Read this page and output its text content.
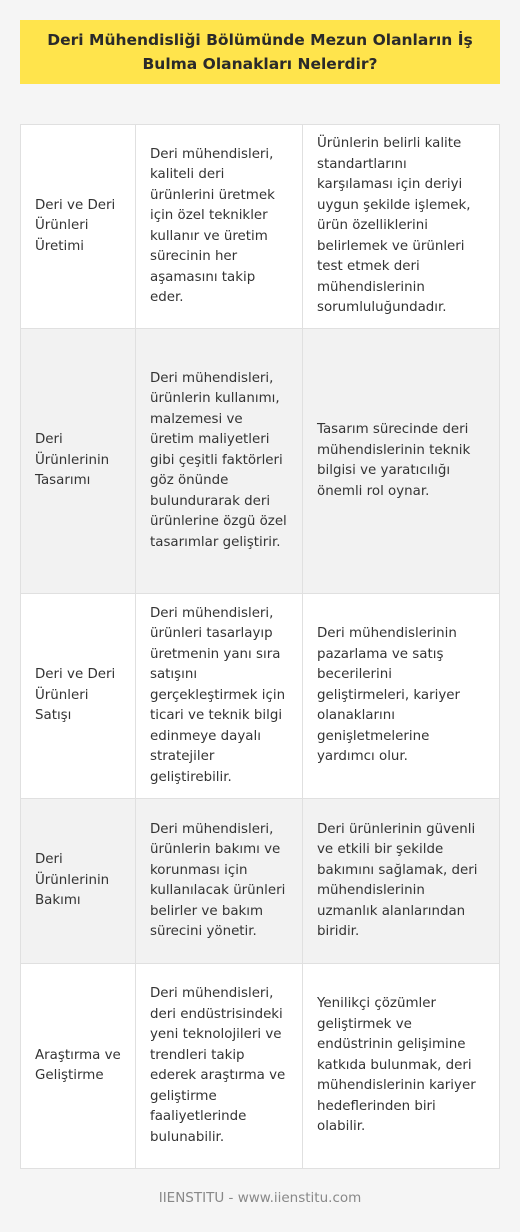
Deri Mühendisliği Bölümünde Mezun Olanların İş Bulma Olanakları Nelerdir?
Deri ve Deri Ürünleri Üretimi
Deri mühendisleri, kaliteli deri ürünlerini üretmek için özel teknikler kullanır ve üretim sürecinin her aşamasını takip eder.
Ürünlerin belirli kalite standartlarını karşılaması için deriyi uygun şekilde işlemek, ürün özelliklerini belirlemek ve ürünleri test etmek deri mühendislerinin sorumluluğundadır.
Deri Ürünlerinin Tasarımı
Deri mühendisleri, ürünlerin kullanımı, malzemesi ve üretim maliyetleri gibi çeşitli faktörleri göz önünde bulundurarak deri ürünlerine özgü özel tasarımlar geliştirir.
Tasarım sürecinde deri mühendislerinin teknik bilgisi ve yaratıcılığı önemli rol oynar.
Deri ve Deri Ürünleri Satışı
Deri mühendisleri, ürünleri tasarlayıp üretmenin yanı sıra satışını gerçekleştirmek için ticari ve teknik bilgi edinmeye dayalı stratejiler geliştirebilir.
Deri mühendislerinin pazarlama ve satış becerilerini geliştirmeleri, kariyer olanaklarını genişletmelerine yardımcı olur.
Deri Ürünlerinin Bakımı
Deri mühendisleri, ürünlerin bakımı ve korunması için kullanılacak ürünleri belirler ve bakım sürecini yönetir.
Deri ürünlerinin güvenli ve etkili bir şekilde bakımını sağlamak, deri mühendislerinin uzmanlık alanlarından biridir.
Araştırma ve Geliştirme
Deri mühendisleri, deri endüstrisindeki yeni teknolojileri ve trendleri takip ederek araştırma ve geliştirme faaliyetlerinde bulunabilir.
Yenilikçi çözümler geliştirmek ve endüstrinin gelişimine katkıda bulunmak, deri mühendislerinin kariyer hedeflerinden biri olabilir.
IIENSTITU - www.iienstitu.com
